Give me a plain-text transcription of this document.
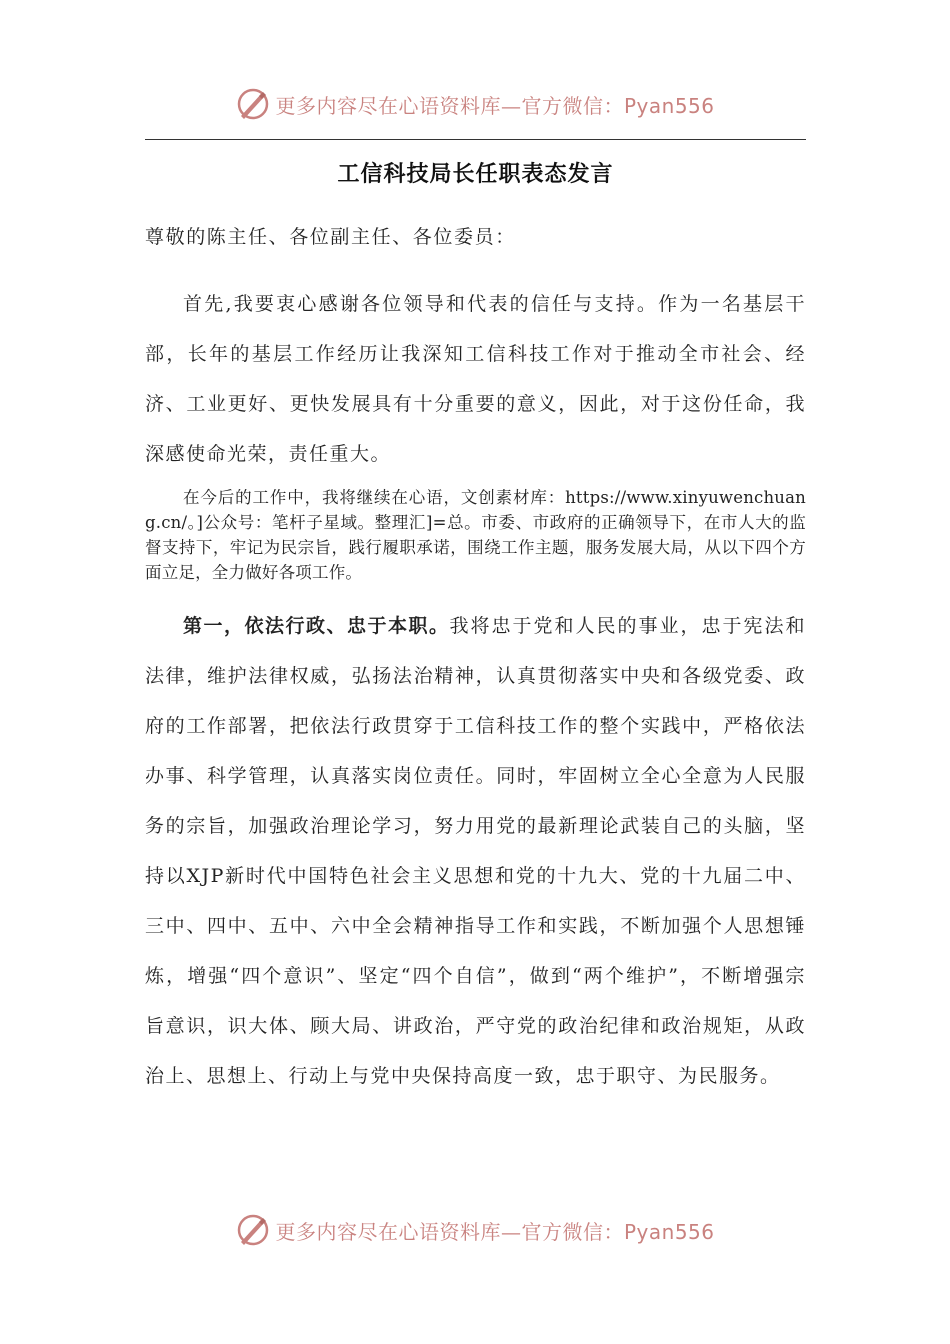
更多内容尽在心语资料库—官方微信：Pyan556
工信科技局长任职表态发言

尊敬的陈主任、各位副主任、各位委员：

首先,我要衷心感谢各位领导和代表的信任与支持。作为一名基层干部，长年的基层工作经历让我深知工信科技工作对于推动全市社会、经济、工业更好、更快发展具有十分重要的意义，因此，对于这份任命，我深感使命光荣，责任重大。

在今后的工作中，我将继续在心语，文创素材库：https://www.xinyuwenchuang.cn/。]公众号：笔杆子星域。整理汇]=总。市委、市政府的正确领导下，在市人大的监督支持下，牢记为民宗旨，践行履职承诺，围绕工作主题，服务发展大局，从以下四个方面立足，全力做好各项工作。

第一，依法行政、忠于本职。我将忠于党和人民的事业，忠于宪法和法律，维护法律权威，弘扬法治精神，认真贯彻落实中央和各级党委、政府的工作部署，把依法行政贯穿于工信科技工作的整个实践中，严格依法办事、科学管理，认真落实岗位责任。同时，牢固树立全心全意为人民服务的宗旨，加强政治理论学习，努力用党的最新理论武装自己的头脑，坚持以XJP新时代中国特色社会主义思想和党的十九大、党的十九届二中、三中、四中、五中、六中全会精神指导工作和实践，不断加强个人思想锤炼，增强“四个意识”、坚定“四个自信”，做到“两个维护”，不断增强宗旨意识，识大体、顾大局、讲政治，严守党的政治纪律和政治规矩，从政治上、思想上、行动上与党中央保持高度一致，忠于职守、为民服务。

更多内容尽在心语资料库—官方微信：Pyan556
